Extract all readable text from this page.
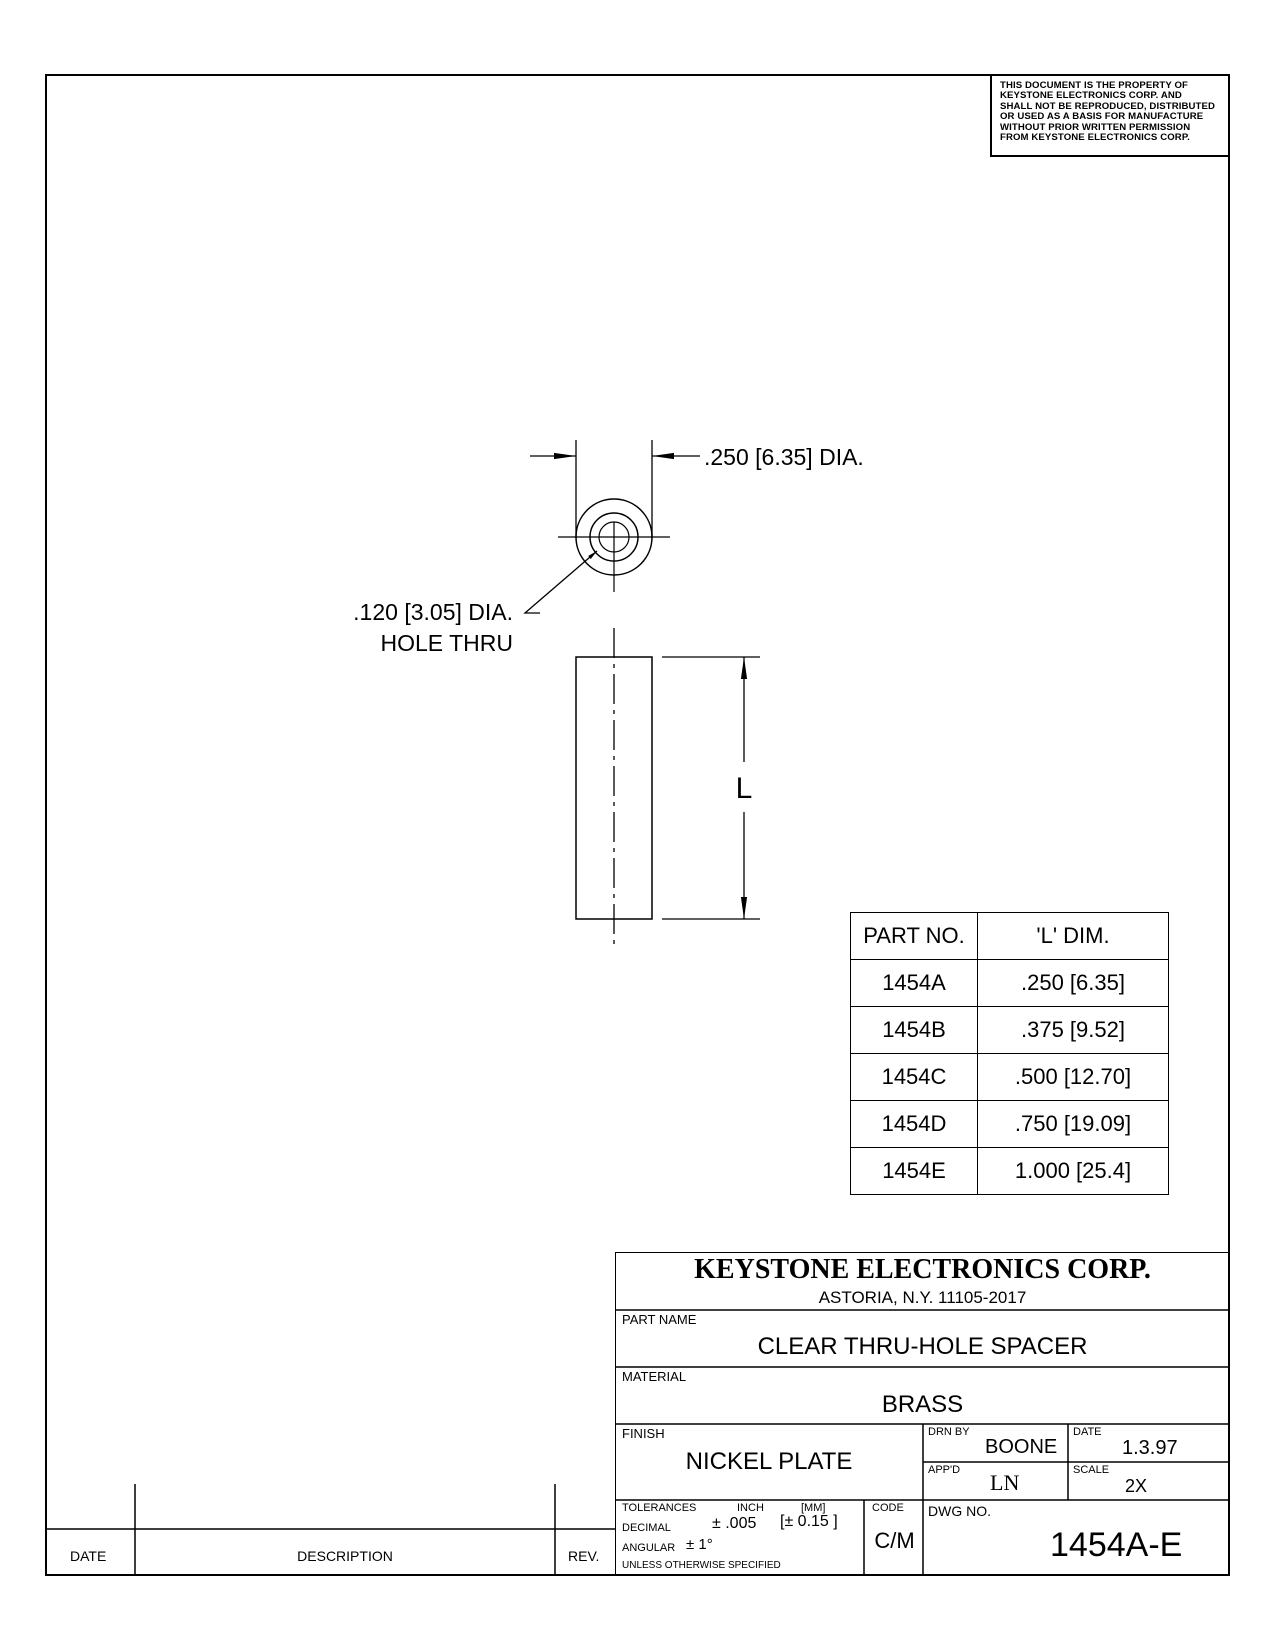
THIS DOCUMENT IS THE PROPERTY OF
KEYSTONE ELECTRONICS CORP. AND
SHALL NOT BE REPRODUCED, DISTRIBUTED
OR USED AS A BASIS FOR MANUFACTURE
WITHOUT PRIOR WRITTEN PERMISSION
FROM KEYSTONE ELECTRONICS CORP.
.250 [6.35] DIA.
.120 [3.05] DIA.
HOLE THRU
L
PART NO.	'L' DIM.
1454A	.250 [6.35]
1454B	.375 [9.52]
1454C	.500 [12.70]
1454D	.750 [19.09]
1454E	1.000 [25.4]
KEYSTONE ELECTRONICS CORP.
ASTORIA, N.Y. 11105-2017
PART NAME
CLEAR THRU-HOLE SPACER
MATERIAL
BRASS
FINISH
NICKEL PLATE
DRN BY
BOONE
DATE
1.3.97
APP'D LN	SCALE
2X
TOLERANCES	INCH	[MM]
DECIMAL	± .005 [± 0.15 ]
ANGULAR ± 1°
UNLESS OTHERWISE SPECIFIED
CODE
C/M
DWG NO.
1454A-E
DATE	DESCRIPTION	REV.
